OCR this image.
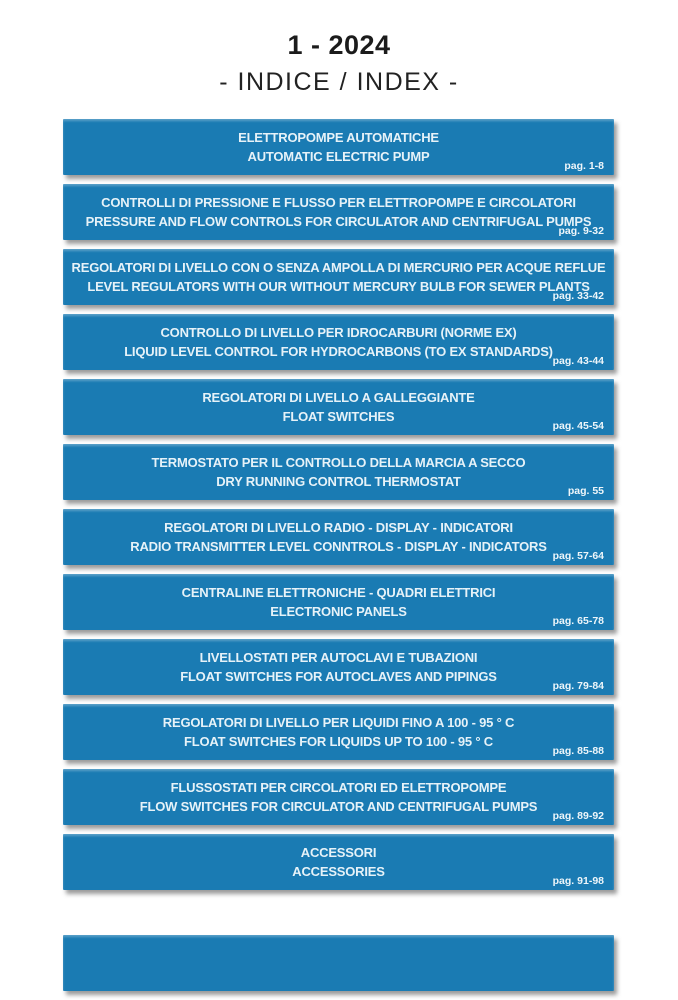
1 - 2024
- INDICE / INDEX -
ELETTROPOMPE AUTOMATICHE
AUTOMATIC ELECTRIC PUMP
pag. 1-8
CONTROLLI DI PRESSIONE E FLUSSO PER ELETTROPOMPE E CIRCOLATORI
PRESSURE AND FLOW CONTROLS FOR CIRCULATOR AND CENTRIFUGAL PUMPS
pag. 9-32
REGOLATORI DI LIVELLO CON O SENZA AMPOLLA DI MERCURIO PER ACQUE REFLUE
LEVEL REGULATORS WITH OUR WITHOUT MERCURY BULB FOR SEWER PLANTS
pag. 33-42
CONTROLLO DI LIVELLO PER IDROCARBURI (NORME EX)
LIQUID LEVEL CONTROL FOR HYDROCARBONS (TO EX STANDARDS)
pag. 43-44
REGOLATORI DI LIVELLO A GALLEGGIANTE
FLOAT SWITCHES
pag. 45-54
TERMOSTATO PER IL CONTROLLO DELLA MARCIA A SECCO
DRY RUNNING CONTROL THERMOSTAT
pag. 55
REGOLATORI DI LIVELLO RADIO - DISPLAY - INDICATORI
RADIO TRANSMITTER LEVEL CONNTROLS - DISPLAY - INDICATORS
pag. 57-64
CENTRALINE ELETTRONICHE - QUADRI ELETTRICI
ELECTRONIC PANELS
pag. 65-78
LIVELLOSTATI PER AUTOCLAVI E TUBAZIONI
FLOAT SWITCHES FOR AUTOCLAVES AND PIPINGS
pag. 79-84
REGOLATORI DI LIVELLO PER LIQUIDI FINO A 100 - 95 ° C
FLOAT SWITCHES FOR LIQUIDS UP TO 100 - 95 ° C
pag. 85-88
FLUSSOSTATI PER CIRCOLATORI ED ELETTROPOMPE
FLOW SWITCHES FOR CIRCULATOR AND CENTRIFUGAL PUMPS
pag. 89-92
ACCESSORI
ACCESSORIES
pag. 91-98
